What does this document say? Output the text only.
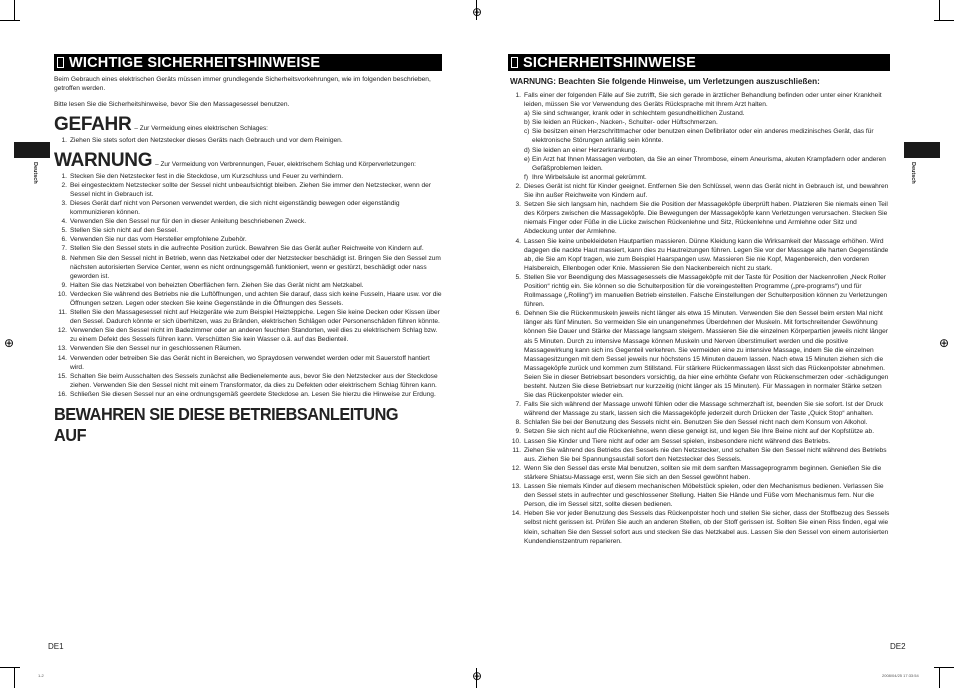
⊕
⊕
⊕	⊕
Deutsch	Deutsch
WICHTIGE SICHERHEITSHINWEISE

Beim Gebrauch eines elektrischen Geräts müssen immer grundlegende Sicherheitsvorkehrungen, wie im folgenden beschrieben, getroffen werden.

Bitte lesen Sie die Sicherheitshinweise, bevor Sie den Massagesessel benutzen.

GEFAHR – Zur Vermeidung eines elektrischen Schlages:
1. Ziehen Sie stets sofort den Netzstecker dieses Geräts nach Gebrauch und vor dem Reinigen.
WARNUNG – Zur Vermeidung von Verbrennungen, Feuer, elektrischem Schlag und Körperverletzungen:
1. Stecken Sie den Netzstecker fest in die Steckdose, um Kurzschluss und Feuer zu verhindern.
2. Bei eingestecktem Netzstecker sollte der Sessel nicht unbeaufsichtigt bleiben. Ziehen Sie immer den Netzstecker, wenn der Sessel nicht in Gebrauch ist.
3. Dieses Gerät darf nicht von Personen verwendet werden, die sich nicht eigenständig bewegen oder eigenständig kommunizieren können.
4. Verwenden Sie den Sessel nur für den in dieser Anleitung beschriebenen Zweck.
5. Stellen Sie sich nicht auf den Sessel.
6. Verwenden Sie nur das vom Hersteller empfohlene Zubehör.
7. Stellen Sie den Sessel stets in die aufrechte Position zurück. Bewahren Sie das Gerät außer Reichweite von Kindern auf.
8. Nehmen Sie den Sessel nicht in Betrieb, wenn das Netzkabel oder der Netzstecker beschädigt ist. Bringen Sie den Sessel zum nächsten autorisierten Service Center, wenn es nicht ordnungsgemäß funktioniert, wenn er gestürzt, beschädigt oder nass geworden ist.
9. Halten Sie das Netzkabel von beheizten Oberflächen fern. Ziehen Sie das Gerät nicht am Netzkabel.
10. Verdecken Sie während des Betriebs nie die Luftöffnungen, und achten Sie darauf, dass sich keine Fusseln, Haare usw. vor die Öffnungen setzen. Legen oder stecken Sie keine Gegenstände in die Öffnungen des Sessels.
11. Stellen Sie den Massagesessel nicht auf Heizgeräte wie zum Beispiel Heizteppiche. Legen Sie keine Decken oder Kissen über den Sessel. Dadurch könnte er sich überhitzen, was zu Bränden, elektrischen Schlägen oder Personenschäden führen könnte.
12. Verwenden Sie den Sessel nicht im Badezimmer oder an anderen feuchten Standorten, weil dies zu elektrischem Schlag bzw. zu einem Defekt des Sessels führen kann. Verschütten Sie kein Wasser o.ä. auf das Bedienteil.
13. Verwenden Sie den Sessel nur in geschlossenen Räumen.
14. Verwenden oder betreiben Sie das Gerät nicht in Bereichen, wo Spraydosen verwendet werden oder mit Sauerstoff hantiert wird.
15. Schalten Sie beim Ausschalten des Sessels zunächst alle Bedienelemente aus, bevor Sie den Netzstecker aus der Steckdose ziehen. Verwenden Sie den Sessel nicht mit einem Transformator, da dies zu Defekten oder elektrischem Schlag führen kann.
16. Schließen Sie diesen Sessel nur an eine ordnungsgemäß geerdete Steckdose an. Lesen Sie hierzu die Hinweise zur Erdung.
BEWAHREN SIE DIESE BETRIEBSANLEITUNG AUF
SICHERHEITSHINWEISE
WARNUNG: Beachten Sie folgende Hinweise, um Verletzungen auszuschließen:
1. Falls einer der folgenden Fälle auf Sie zutrifft, Sie sich gerade in ärztlicher Behandlung befinden oder unter einer Krankheit leiden, müssen Sie vor Verwendung des Geräts Rücksprache mit Ihrem Arzt halten.
a) Sie sind schwanger, krank oder in schlechtem gesundheitlichen Zustand.
b) Sie leiden an Rücken-, Nacken-, Schulter- oder Hüftschmerzen.
c) Sie besitzen einen Herzschrittmacher oder benutzen einen Defibrilator oder ein anderes medizinisches Gerät, das für elektronische Störungen anfällig sein könnte.
d) Sie leiden an einer Herzerkrankung.
e) Ein Arzt hat Ihnen Massagen verboten, da Sie an einer Thrombose, einem Aneurisma, akuten Krampfadern oder anderen Gefäßproblemen leiden.
f) Ihre Wirbelsäule ist anormal gekrümmt.
2. Dieses Gerät ist nicht für Kinder geeignet. Entfernen Sie den Schlüssel, wenn das Gerät nicht in Gebrauch ist, und bewahren Sie ihn außer Reichweite von Kindern auf.
3. Setzen Sie sich langsam hin, nachdem Sie die Position der Massageköpfe überprüft haben. Platzieren Sie niemals einen Teil des Körpers zwischen die Massageköpfe. Die Bewegungen der Massageköpfe kann Verletzungen verursachen. Stecken Sie niemals Finger oder Füße in die Lücke zwischen Rückenlehne und Sitz, Rückenlehne und Armlehne oder Sitz und Abdeckung unter der Armlehne.
4. Lassen Sie keine unbekleideten Hautpartien massieren. Dünne Kleidung kann die Wirksamkeit der Massage erhöhen. Wird dagegen die nackte Haut massiert, kann dies zu Hautreizungen führen. Legen Sie vor der Massage alle harten Gegenstände ab, die Sie am Kopf tragen, wie zum Beispiel Haarspangen usw. Massieren Sie nie Kopf, Magenbereich, den vorderen Halsbereich, Ellenbogen oder Knie. Massieren Sie den Nackenbereich nicht zu stark.
5. Stellen Sie vor Beendigung des Massagesessels die Massageköpfe mit der Taste für Position der Nackenrollen „Neck Roller Position“ richtig ein. Sie können so die Schulterposition für die voreingestellten Programme („pre-programs“) und für Rollmassage („Rolling“) im manuellen Betrieb einstellen. Falsche Einstellungen der Schulterposition können zu Verletzungen führen.
6. Dehnen Sie die Rückenmuskeln jeweils nicht länger als etwa 15 Minuten. Verwenden Sie den Sessel beim ersten Mal nicht länger als fünf Minuten. So vermeiden Sie ein unangenehmes Überdehnen der Muskeln. Mit fortschreitender Gewöhnung können Sie Dauer und Stärke der Massage langsam steigern. Massieren Sie die einzelnen Körperpartien jeweils nicht länger als 5 Minuten. Durch zu intensive Massage können Muskeln und Nerven überstimuliert werden und die positive Massagewirkung kann sich ins Gegenteil verkehren. Sie vermeiden eine zu intensive Massage, indem Sie die einzelnen Massagesitzungen mit dem Sessel jeweils nur höchstens 15 Minuten dauern lassen. Nach etwa 15 Minuten ziehen sich die Massageköpfe zurück und kommen zum Stillstand. Für stärkere Rückenmassagen lässt sich das Rückenpolster abnehmen. Seien Sie in dieser Betriebsart besonders vorsichtig, da hier eine erhöhte Gefahr von Rückenschmerzen oder -schädigungen besteht. Nutzen Sie diese Betriebsart nur kurzzeitig (nicht länger als 15 Minuten). Für Massagen in normaler Stärke setzen Sie das Rückenpolster wieder ein.
7. Falls Sie sich während der Massage unwohl fühlen oder die Massage schmerzhaft ist, beenden Sie sie sofort. Ist der Druck während der Massage zu stark, lassen sich die Massageköpfe jederzeit durch Drücken der Taste „Quick Stop“ anhalten.
8. Schlafen Sie bei der Benutzung des Sessels nicht ein. Benutzen Sie den Sessel nicht nach dem Konsum von Alkohol.
9. Setzen Sie sich nicht auf die Rückenlehne, wenn diese geneigt ist, und legen Sie Ihre Beine nicht auf der Kopfstütze ab.
10. Lassen Sie Kinder und Tiere nicht auf oder am Sessel spielen, insbesondere nicht während des Betriebs.
11. Ziehen Sie während des Betriebs des Sessels nie den Netzstecker, und schalten Sie den Sessel nicht während des Betriebs aus. Ziehen Sie bei Spannungsausfall sofort den Netzstecker des Sessels.
12. Wenn Sie den Sessel das erste Mal benutzen, sollten sie mit dem sanften Massageprogramm beginnen. Genießen Sie die stärkere Shiatsu-Massage erst, wenn Sie sich an den Sessel gewöhnt haben.
13. Lassen Sie niemals Kinder auf diesem mechanischen Möbelstück spielen, oder den Mechanismus bedienen. Verlassen Sie den Sessel stets in aufrechter und geschlossener Stellung. Halten Sie Hände und Füße vom Mechanismus fern. Nur die Person, die im Sessel sitzt, sollte diesen bedienen.
14. Heben Sie vor jeder Benutzung des Sessels das Rückenpolster hoch und stellen Sie sicher, dass der Stoffbezug des Sessels selbst nicht gerissen ist. Prüfen Sie auch an anderen Stellen, ob der Stoff gerissen ist. Sollten Sie einen Riss finden, egal wie klein, schalten Sie den Sessel sofort aus und stecken Sie das Netzkabel aus. Lassen Sie den Sessel von einem autorisierten Kundendienstzentrum reparieren.
DE1	DE2
1-2	2008/04/25 17:33:54
